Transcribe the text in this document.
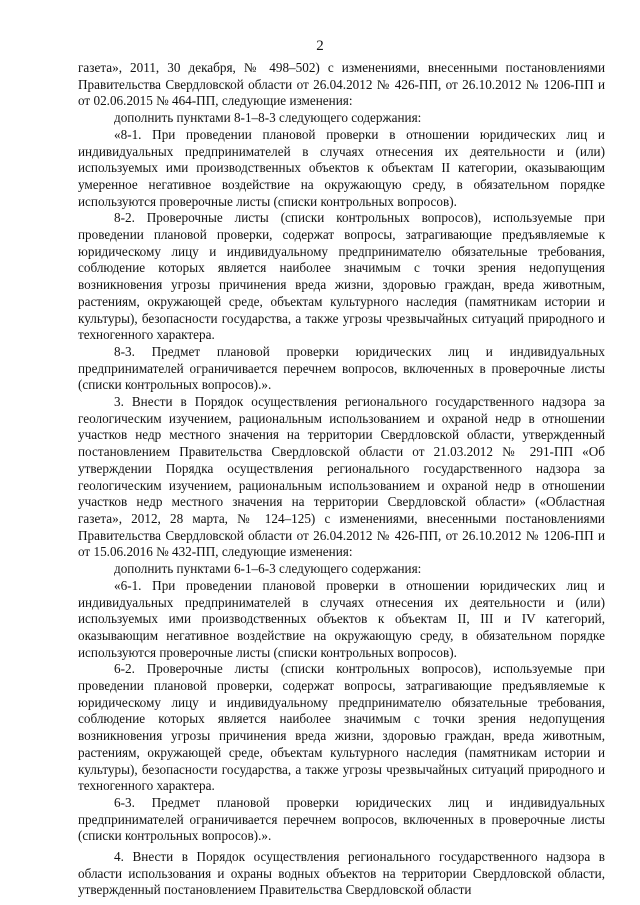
2

газета», 2011, 30 декабря, № 498–502) с изменениями, внесенными постановлениями Правительства Свердловской области от 26.04.2012 № 426-ПП, от 26.10.2012 № 1206-ПП и от 02.06.2015 № 464-ПП, следующие изменения:

дополнить пунктами 8-1–8-3 следующего содержания:

«8-1. При проведении плановой проверки в отношении юридических лиц и индивидуальных предпринимателей в случаях отнесения их деятельности и (или) используемых ими производственных объектов к объектам II категории, оказывающим умеренное негативное воздействие на окружающую среду, в обязательном порядке используются проверочные листы (списки контрольных вопросов).

8-2. Проверочные листы (списки контрольных вопросов), используемые при проведении плановой проверки, содержат вопросы, затрагивающие предъявляемые к юридическому лицу и индивидуальному предпринимателю обязательные требования, соблюдение которых является наиболее значимым с точки зрения недопущения возникновения угрозы причинения вреда жизни, здоровью граждан, вреда животным, растениям, окружающей среде, объектам культурного наследия (памятникам истории и культуры), безопасности государства, а также угрозы чрезвычайных ситуаций природного и техногенного характера.

8-3. Предмет плановой проверки юридических лиц и индивидуальных предпринимателей ограничивается перечнем вопросов, включенных в проверочные листы (списки контрольных вопросов).».

3. Внести в Порядок осуществления регионального государственного надзора за геологическим изучением, рациональным использованием и охраной недр в отношении участков недр местного значения на территории Свердловской области, утвержденный постановлением Правительства Свердловской области от 21.03.2012 № 291-ПП «Об утверждении Порядка осуществления регионального государственного надзора за геологическим изучением, рациональным использованием и охраной недр в отношении участков недр местного значения на территории Свердловской области» («Областная газета», 2012, 28 марта, № 124–125) с изменениями, внесенными постановлениями Правительства Свердловской области от 26.04.2012 № 426-ПП, от 26.10.2012 № 1206-ПП и от 15.06.2016 № 432-ПП, следующие изменения:

дополнить пунктами 6-1–6-3 следующего содержания:

«6-1. При проведении плановой проверки в отношении юридических лиц и индивидуальных предпринимателей в случаях отнесения их деятельности и (или) используемых ими производственных объектов к объектам II, III и IV категорий, оказывающим негативное воздействие на окружающую среду, в обязательном порядке используются проверочные листы (списки контрольных вопросов).

6-2. Проверочные листы (списки контрольных вопросов), используемые при проведении плановой проверки, содержат вопросы, затрагивающие предъявляемые к юридическому лицу и индивидуальному предпринимателю обязательные требования, соблюдение которых является наиболее значимым с точки зрения недопущения возникновения угрозы причинения вреда жизни, здоровью граждан, вреда животным, растениям, окружающей среде, объектам культурного наследия (памятникам истории и культуры), безопасности государства, а также угрозы чрезвычайных ситуаций природного и техногенного характера.

6-3. Предмет плановой проверки юридических лиц и индивидуальных предпринимателей ограничивается перечнем вопросов, включенных в проверочные листы (списки контрольных вопросов).».

4. Внести в Порядок осуществления регионального государственного надзора в области использования и охраны водных объектов на территории Свердловской области, утвержденный постановлением Правительства Свердловской области
